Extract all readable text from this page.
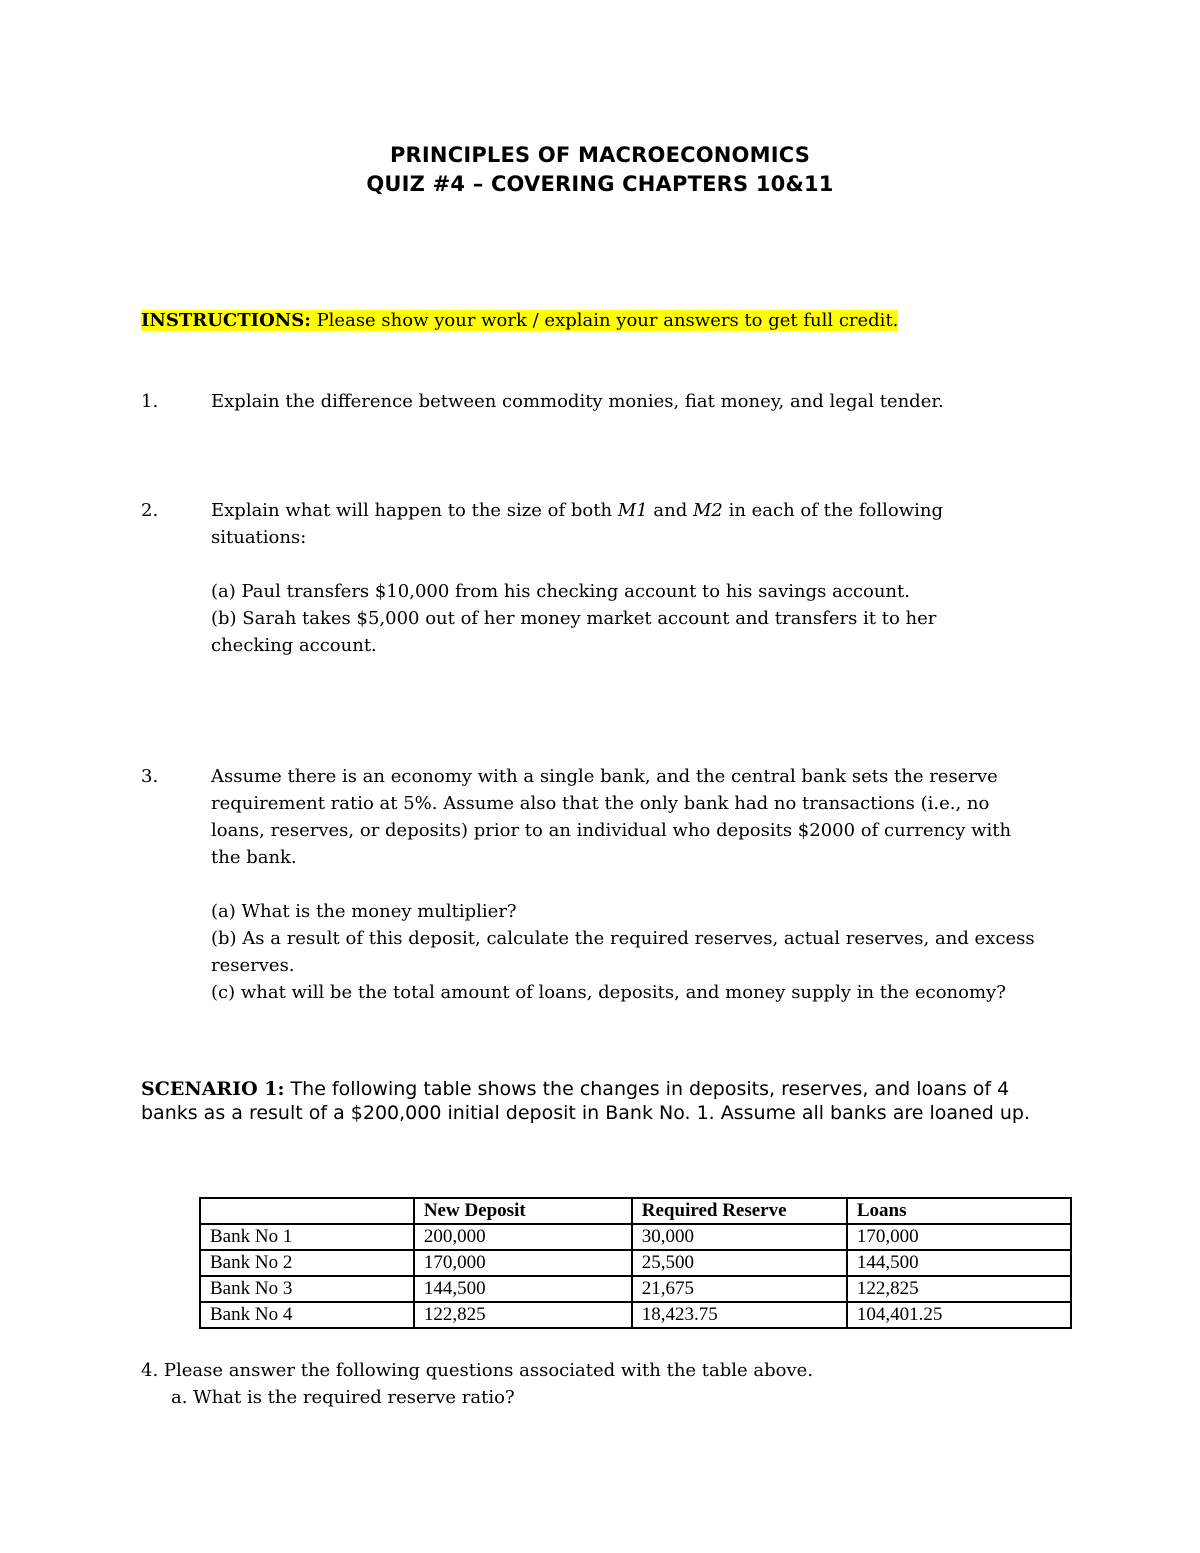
PRINCIPLES OF MACROECONOMICS
QUIZ #4 – COVERING CHAPTERS 10&11
INSTRUCTIONS: Please show your work / explain your answers to get full credit.
1.	Explain the difference between commodity monies, fiat money, and legal tender.

2.	Explain what will happen to the size of both M1 and M2 in each of the following situations:

(a) Paul transfers $10,000 from his checking account to his savings account.

(b) Sarah takes $5,000 out of her money market account and transfers it to her checking account.

3.	Assume there is an economy with a single bank, and the central bank sets the reserve requirement ratio at 5%. Assume also that the only bank had no transactions (i.e., no loans, reserves, or deposits) prior to an individual who deposits $2000 of currency with the bank.

(a) What is the money multiplier?

(b) As a result of this deposit, calculate the required reserves, actual reserves, and excess reserves.

(c) what will be the total amount of loans, deposits, and money supply in the economy?

SCENARIO 1: The following table shows the changes in deposits, reserves, and loans of 4 banks as a result of a $200,000 initial deposit in Bank No. 1. Assume all banks are loaned up.
	New Deposit	Required Reserve	Loans
Bank No 1	200,000	30,000	170,000
Bank No 2	170,000	25,500	144,500
Bank No 3	144,500	21,675	122,825
Bank No 4	122,825	18,423.75	104,401.25

4. Please answer the following questions associated with the table above.

a. What is the required reserve ratio?
